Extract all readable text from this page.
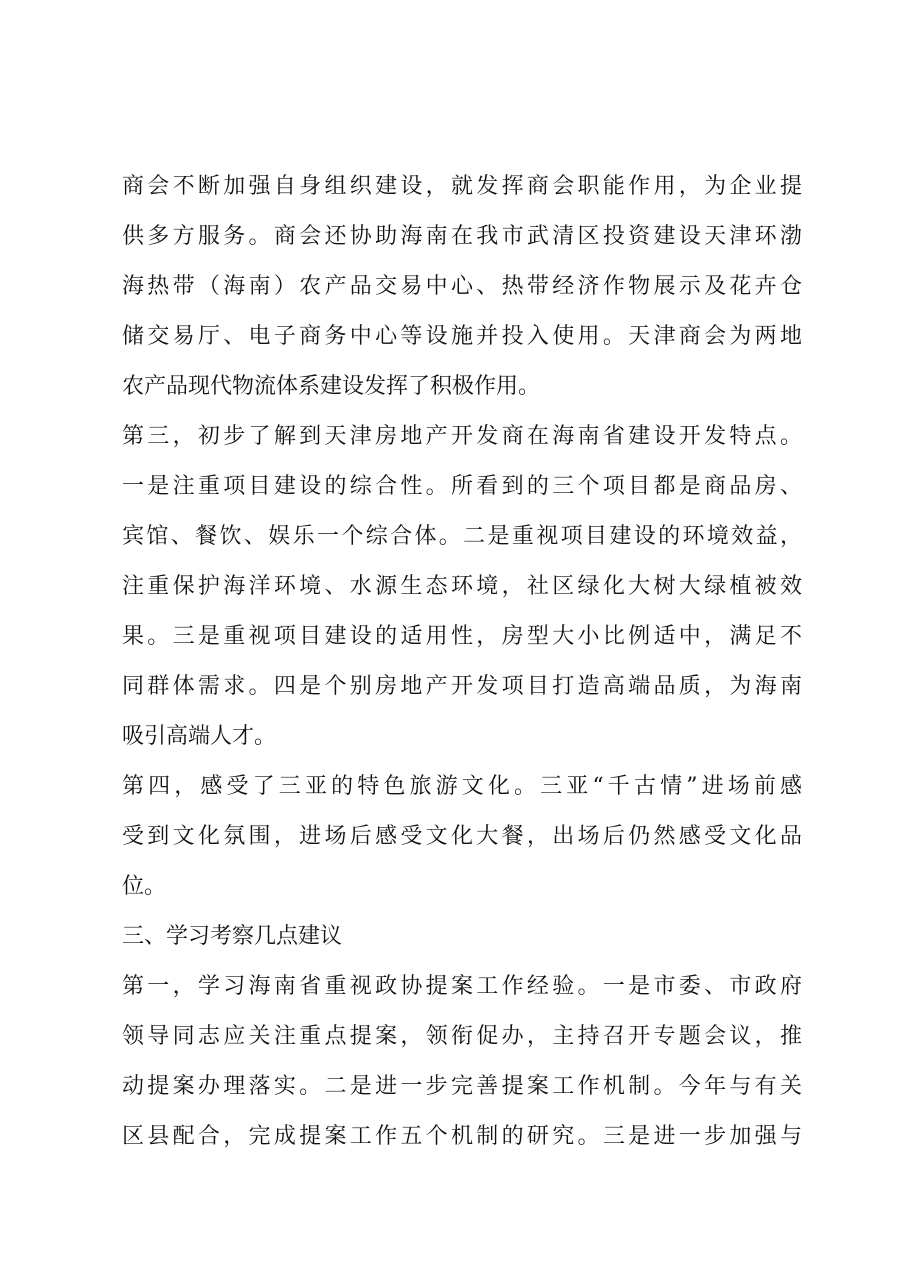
商会不断加强自身组织建设，就发挥商会职能作用，为企业提
供多方服务。商会还协助海南在我市武清区投资建设天津环渤
海热带（海南）农产品交易中心、热带经济作物展示及花卉仓
储交易厅、电子商务中心等设施并投入使用。天津商会为两地
农产品现代物流体系建设发挥了积极作用。
第三，初步了解到天津房地产开发商在海南省建设开发特点。
一是注重项目建设的综合性。所看到的三个项目都是商品房、
宾馆、餐饮、娱乐一个综合体。二是重视项目建设的环境效益，
注重保护海洋环境、水源生态环境，社区绿化大树大绿植被效
果。三是重视项目建设的适用性，房型大小比例适中，满足不
同群体需求。四是个别房地产开发项目打造高端品质，为海南
吸引高端人才。
第四，感受了三亚的特色旅游文化。三亚“千古情”进场前感
受到文化氛围，进场后感受文化大餐，出场后仍然感受文化品
位。
三、学习考察几点建议
第一，学习海南省重视政协提案工作经验。一是市委、市政府
领导同志应关注重点提案，领衔促办，主持召开专题会议，推
动提案办理落实。二是进一步完善提案工作机制。今年与有关
区县配合，完成提案工作五个机制的研究。三是进一步加强与
